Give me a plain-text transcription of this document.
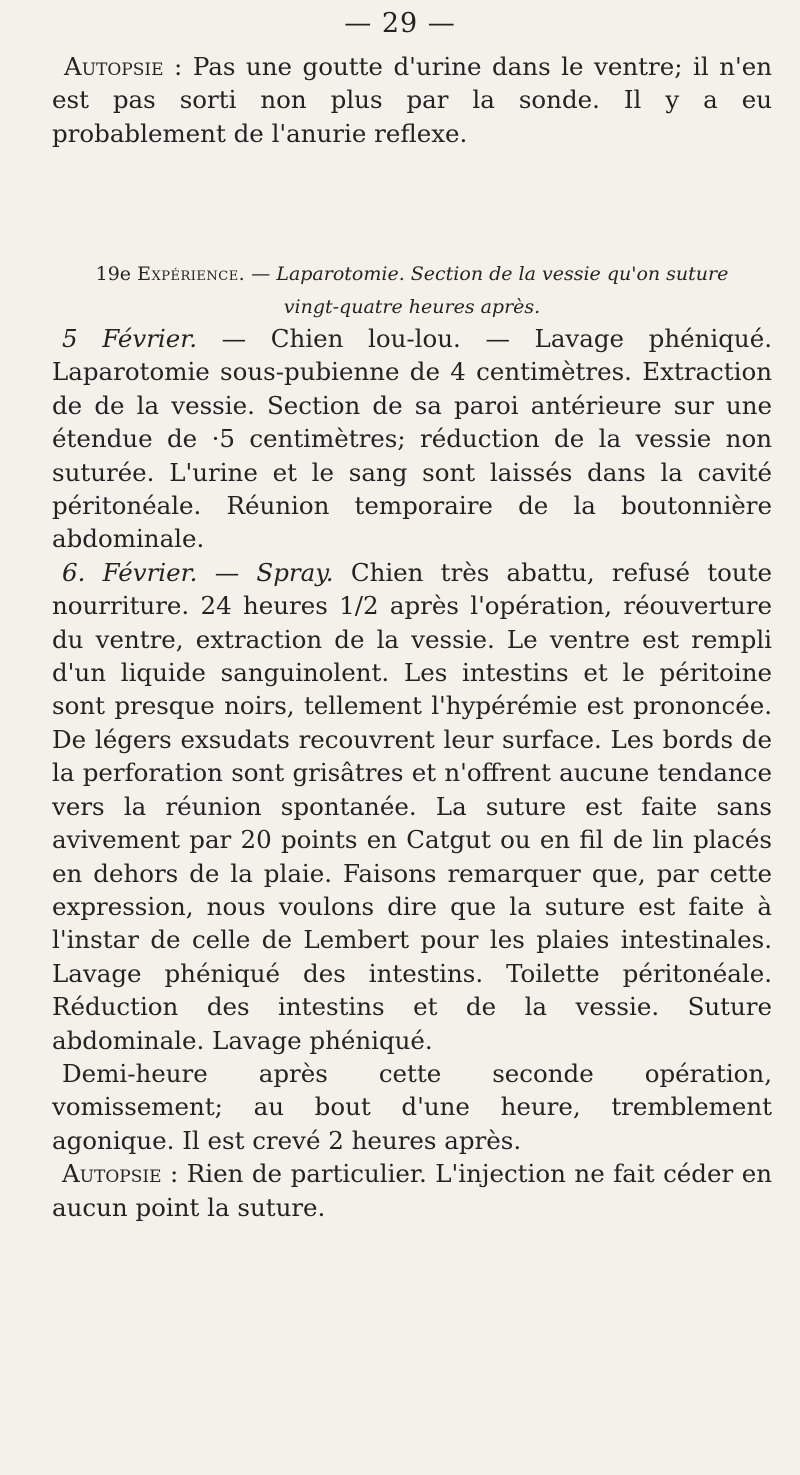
— 29 —

Autopsie : Pas une goutte d'urine dans le ventre; il n'en est pas sorti non plus par la sonde. Il y a eu probablement de l'anurie reflexe.

19e Expérience. — Laparotomie. Section de la vessie qu'on suture
vingt-quatre heures après.

5 Février. — Chien lou-lou. — Lavage phéniqué. Laparotomie sous-pubienne de 4 centimètres. Extraction de de la vessie. Section de sa paroi antérieure sur une étendue de ·5 centimètres; réduction de la vessie non suturée. L'urine et le sang sont laissés dans la cavité péritonéale. Réunion temporaire de la boutonnière abdominale.
6. Février. — Spray. Chien très abattu, refusé toute nourriture. 24 heures 1/2 après l'opération, réouverture du ventre, extraction de la vessie. Le ventre est rempli d'un liquide sanguinolent. Les intestins et le péritoine sont presque noirs, tellement l'hypérémie est prononcée. De légers exsudats recouvrent leur surface. Les bords de la perforation sont grisâtres et n'offrent aucune tendance vers la réunion spontanée. La suture est faite sans avivement par 20 points en Catgut ou en fil de lin placés en dehors de la plaie. Faisons remarquer que, par cette expression, nous voulons dire que la suture est faite à l'instar de celle de Lembert pour les plaies intestinales. Lavage phéniqué des intestins. Toilette péritonéale. Réduction des intestins et de la vessie. Suture abdominale. Lavage phéniqué.
Demi-heure après cette seconde opération, vomissement; au bout d'une heure, tremblement agonique. Il est crevé 2 heures après.
Autopsie : Rien de particulier. L'injection ne fait céder en aucun point la suture.
